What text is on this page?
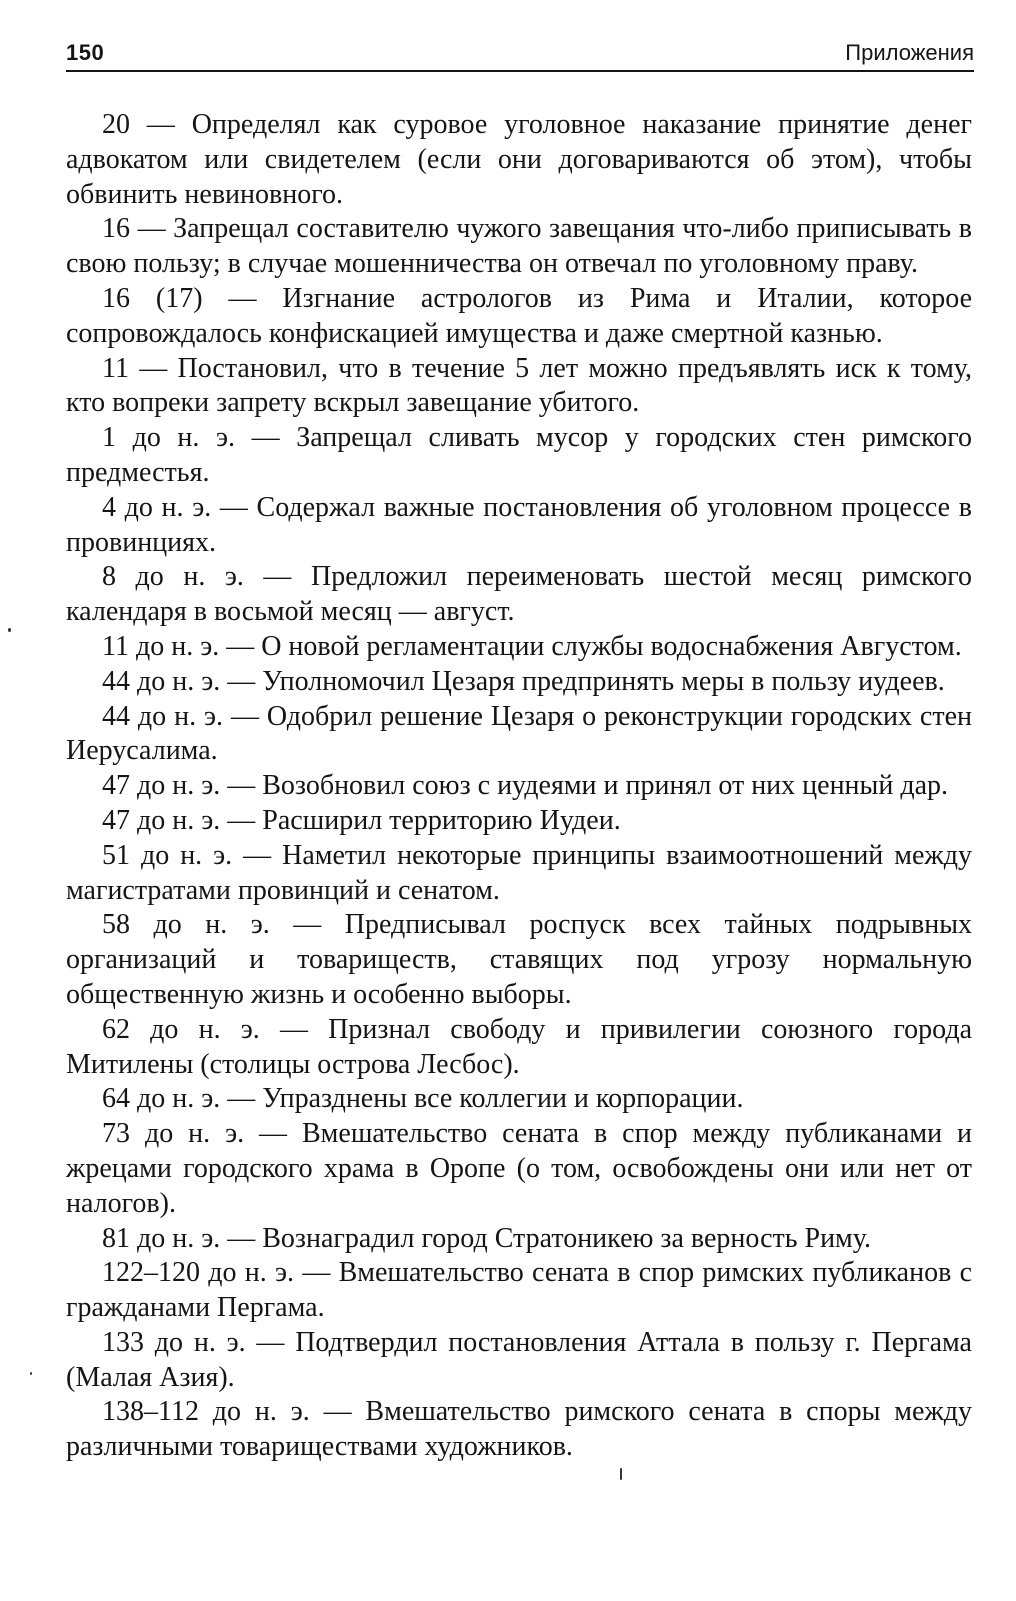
150	Приложения

20 — Определял как суровое уголовное наказание принятие денег адвокатом или свидетелем (если они договариваются об этом), чтобы обвинить невиновного.

16 — Запрещал составителю чужого завещания что-либо приписывать в свою пользу; в случае мошенничества он отвечал по уголовному праву.

16 (17) — Изгнание астрологов из Рима и Италии, которое сопровождалось конфискацией имущества и даже смертной казнью.

11 — Постановил, что в течение 5 лет можно предъявлять иск к тому, кто вопреки запрету вскрыл завещание убитого.

1 до н. э. — Запрещал сливать мусор у городских стен римского предместья.

4 до н. э. — Содержал важные постановления об уголовном процессе в провинциях.

8 до н. э. — Предложил переименовать шестой месяц римского календаря в восьмой месяц — август.

11 до н. э. — О новой регламентации службы водоснабжения Августом.

44 до н. э. — Уполномочил Цезаря предпринять меры в пользу иудеев.

44 до н. э. — Одобрил решение Цезаря о реконструкции городских стен Иерусалима.

47 до н. э. — Возобновил союз с иудеями и принял от них ценный дар.

47 до н. э. — Расширил территорию Иудеи.

51 до н. э. — Наметил некоторые принципы взаимоотношений между магистратами провинций и сенатом.

58 до н. э. — Предписывал роспуск всех тайных подрывных организаций и товариществ, ставящих под угрозу нормальную общественную жизнь и особенно выборы.

62 до н. э. — Признал свободу и привилегии союзного города Митилены (столицы острова Лесбос).

64 до н. э. — Упразднены все коллегии и корпорации.

73 до н. э. — Вмешательство сената в спор между публиканами и жрецами городского храма в Оропе (о том, освобождены они или нет от налогов).

81 до н. э. — Вознаградил город Стратоникею за верность Риму.

122–120 до н. э. — Вмешательство сената в спор римских публиканов с гражданами Пергама.

133 до н. э. — Подтвердил постановления Аттала в пользу г. Пергама (Малая Азия).

138–112 до н. э. — Вмешательство римского сената в споры между различными товариществами художников.
